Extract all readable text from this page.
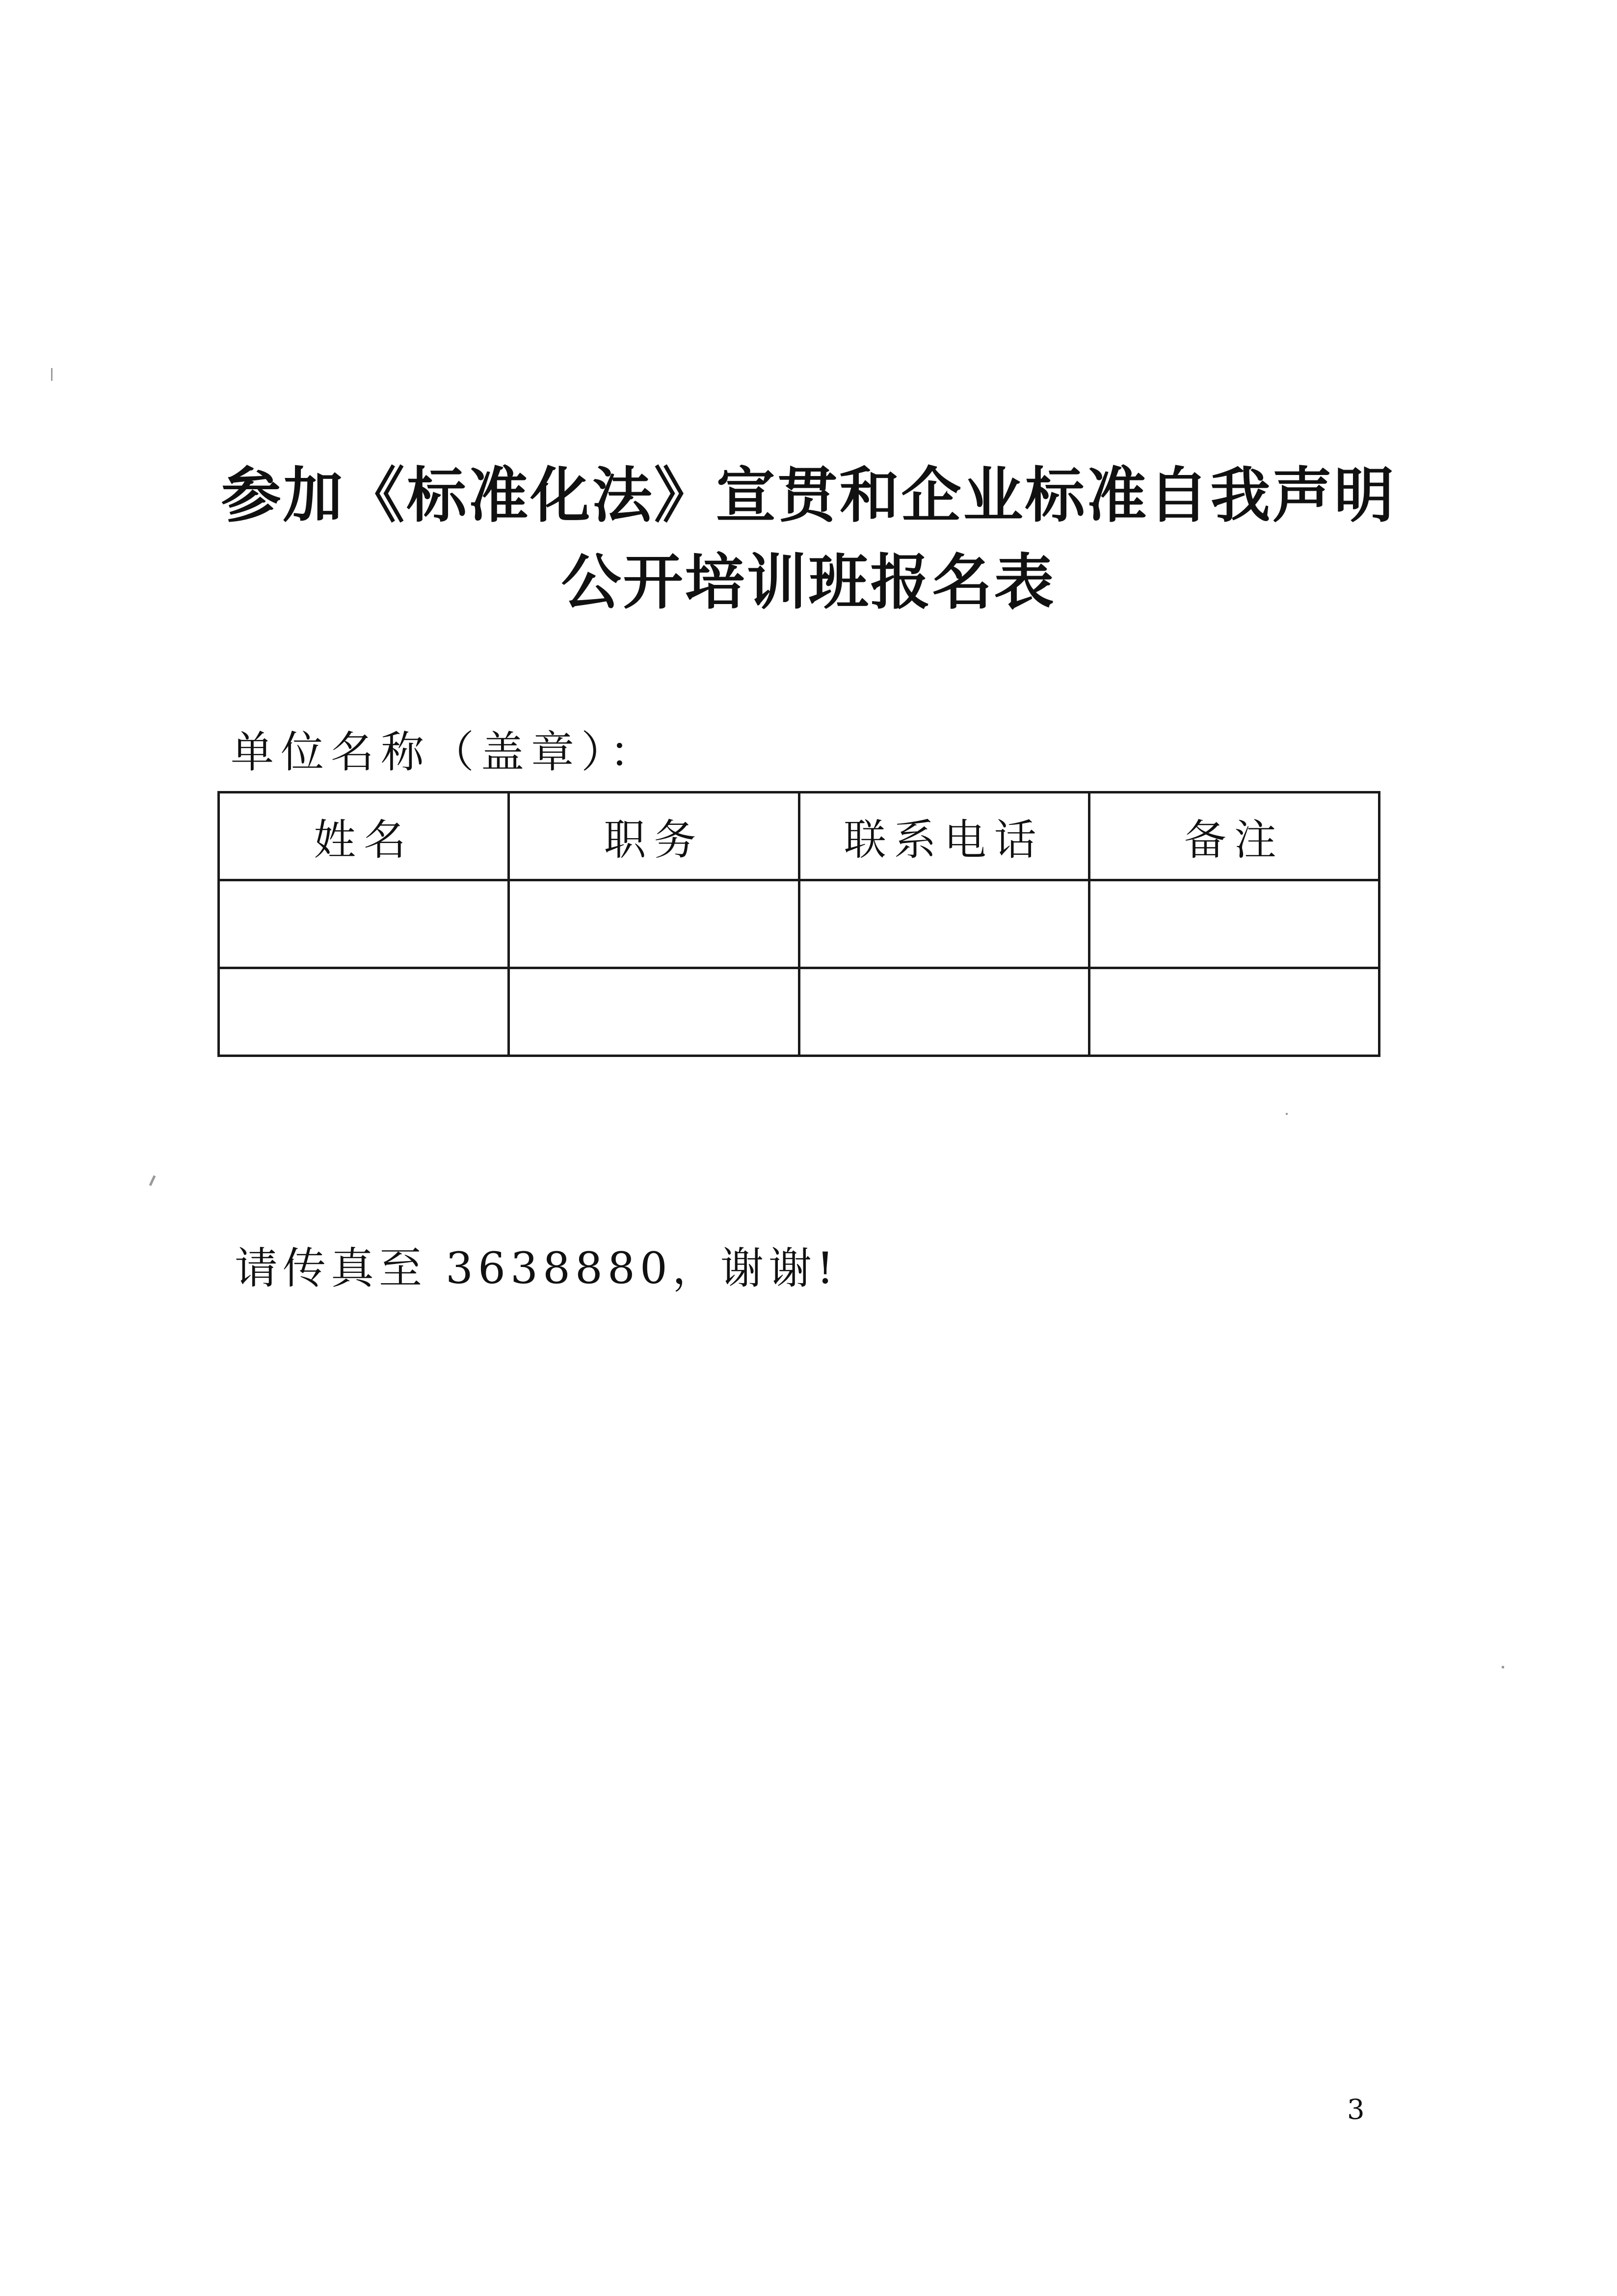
参加《标准化法》宣贯和企业标准自我声明
公开培训班报名表
单位名称（盖章）：
姓名	职务	联系电话	备注

请传真至 3638880，谢谢!
3
